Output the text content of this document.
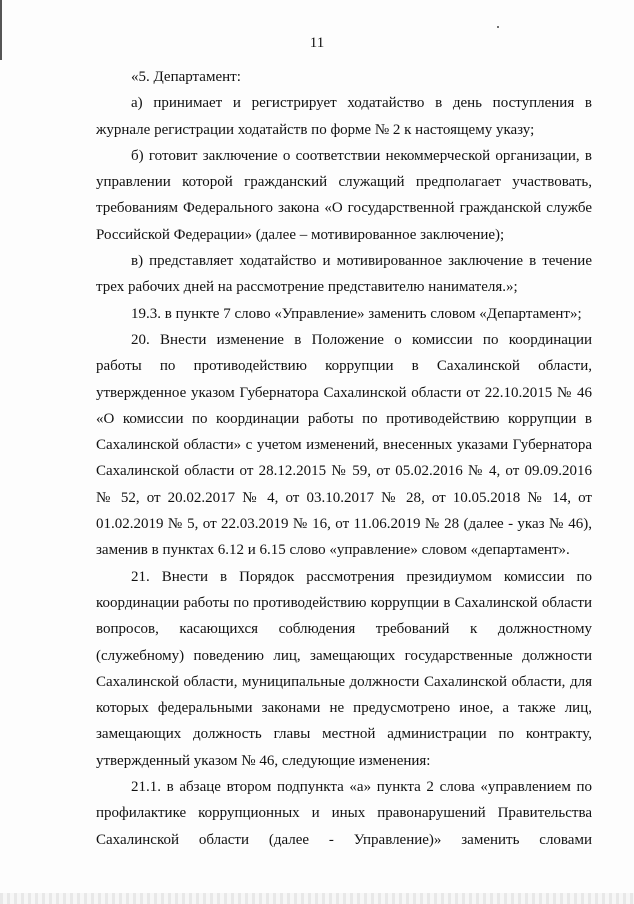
11
«5. Департамент:
а) принимает и регистрирует ходатайство в день поступления в
журнале регистрации ходатайств по форме № 2 к настоящему указу;
б) готовит заключение о соответствии некоммерческой организации, в
управлении которой гражданский служащий предполагает участвовать,
требованиям Федерального закона «О государственной гражданской службе
Российской Федерации» (далее – мотивированное заключение);
в) представляет ходатайство и мотивированное заключение в течение
трех рабочих дней на рассмотрение представителю нанимателя.»;
19.3. в пункте 7 слово «Управление» заменить словом «Департамент»;
20. Внести изменение в Положение о комиссии по координации
работы по противодействию коррупции в Сахалинской области,
утвержденное указом Губернатора Сахалинской области от 22.10.2015 № 46
«О комиссии по координации работы по противодействию коррупции в
Сахалинской области» с учетом изменений, внесенных указами Губернатора
Сахалинской области от 28.12.2015 № 59, от 05.02.2016 № 4, от 09.09.2016
№ 52, от 20.02.2017 № 4, от 03.10.2017 № 28, от 10.05.2018 № 14, от
01.02.2019 № 5, от 22.03.2019 № 16, от 11.06.2019 № 28 (далее - указ № 46),
заменив в пунктах 6.12 и 6.15 слово «управление» словом «департамент».
21. Внести в Порядок рассмотрения президиумом комиссии по
координации работы по противодействию коррупции в Сахалинской области
вопросов, касающихся соблюдения требований к должностному
(служебному) поведению лиц, замещающих государственные должности
Сахалинской области, муниципальные должности Сахалинской области, для
которых федеральными законами не предусмотрено иное, а также лиц,
замещающих должность главы местной администрации по контракту,
утвержденный указом № 46, следующие изменения:
21.1. в абзаце втором подпункта «а» пункта 2 слова «управлением по
профилактике коррупционных и иных правонарушений Правительства
Сахалинской области (далее - Управление)» заменить словами
